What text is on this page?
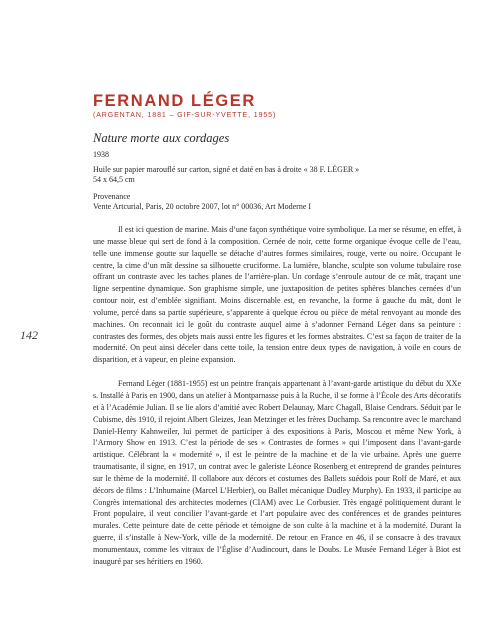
142
FERNAND LÉGER
(ARGENTAN, 1881 – GIF-SUR-YVETTE, 1955)
Nature morte aux cordages
1938
Huile sur papier marouflé sur carton, signé et daté en bas à droite « 38 F. LÉGER »
54 x 64,5 cm
Provenance
Vente Artcurial, Paris, 20 octobre 2007, lot n° 00036, Art Moderne I

Il est ici question de marine. Mais d’une façon synthétique voire symbolique. La mer se résume, en effet, à une masse bleue qui sert de fond à la composition. Cernée de noir, cette forme organique évoque celle de l’eau, telle une immense goutte sur laquelle se détache d’autres formes similaires, rouge, verte ou noire. Occupant le centre, la cime d’un mât dessine sa silhouette cruciforme. La lumière, blanche, sculpte son volume tubulaire rose offrant un contraste avec les taches planes de l’arrière-plan. Un cordage s’enroule autour de ce mât, traçant une ligne serpentine dynamique. Son graphisme simple, une juxtaposition de petites sphères blanches cernées d’un contour noir, est d’emblée signifiant. Moins discernable est, en revanche, la forme à gauche du mât, dont le volume, percé dans sa partie supérieure, s’apparente à quelque écrou ou pièce de métal renvoyant au monde des machines. On reconnait ici le goût du contraste auquel aime à s’adonner Fernand Léger dans sa peinture : contrastes des formes, des objets mais aussi entre les figures et les formes abstraites. C’est sa façon de traiter de la modernité. On peut ainsi déceler dans cette toile, la tension entre deux types de navigation, à voile en cours de disparition, et à vapeur, en pleine expansion.

Fernand Léger (1881-1955) est un peintre français appartenant à l’avant-garde artistique du début du XXe s. Installé à Paris en 1900, dans un atelier à Montparnasse puis à la Ruche, il se forme à l’École des Arts décoratifs et à l’Académie Julian. Il se lie alors d’amitié avec Robert Delaunay, Marc Chagall, Blaise Cendrars. Séduit par le Cubisme, dès 1910, il rejoint Albert Gleizes, Jean Metzinger et les frères Duchamp. Sa rencontre avec le marchand Daniel-Henry Kahnweiler, lui permet de participer à des expositions à Paris, Moscou et même New York, à l’Armory Show en 1913. C’est la période de ses « Contrastes de formes » qui l’imposent dans l’avant-garde artistique. Célébrant la « modernité », il est le peintre de la machine et de la vie urbaine. Après une guerre traumatisante, il signe, en 1917, un contrat avec le galeriste Léonce Rosenberg et entreprend de grandes peintures sur le thème de la modernité. Il collabore aux décors et costumes des Ballets suédois pour Rolf de Maré, et aux décors de films : L’Inhumaine (Marcel L’Herbier), ou Ballet mécanique Dudley Murphy). En 1933, il participe au Congrès international des architectes modernes (CIAM) avec Le Corbusier. Très engagé politiquement durant le Front populaire, il veut concilier l’avant-garde et l’art populaire avec des conférences et de grandes peintures murales. Cette peinture date de cette période et témoigne de son culte à la machine et à la modernité. Durant la guerre, il s’installe à New-York, ville de la modernité. De retour en France en 46, il se consacre à des travaux monumentaux, comme les vitraux de l’Église d’Audincourt, dans le Doubs. Le Musée Fernand Léger à Biot est inauguré par ses héritiers en 1960.
